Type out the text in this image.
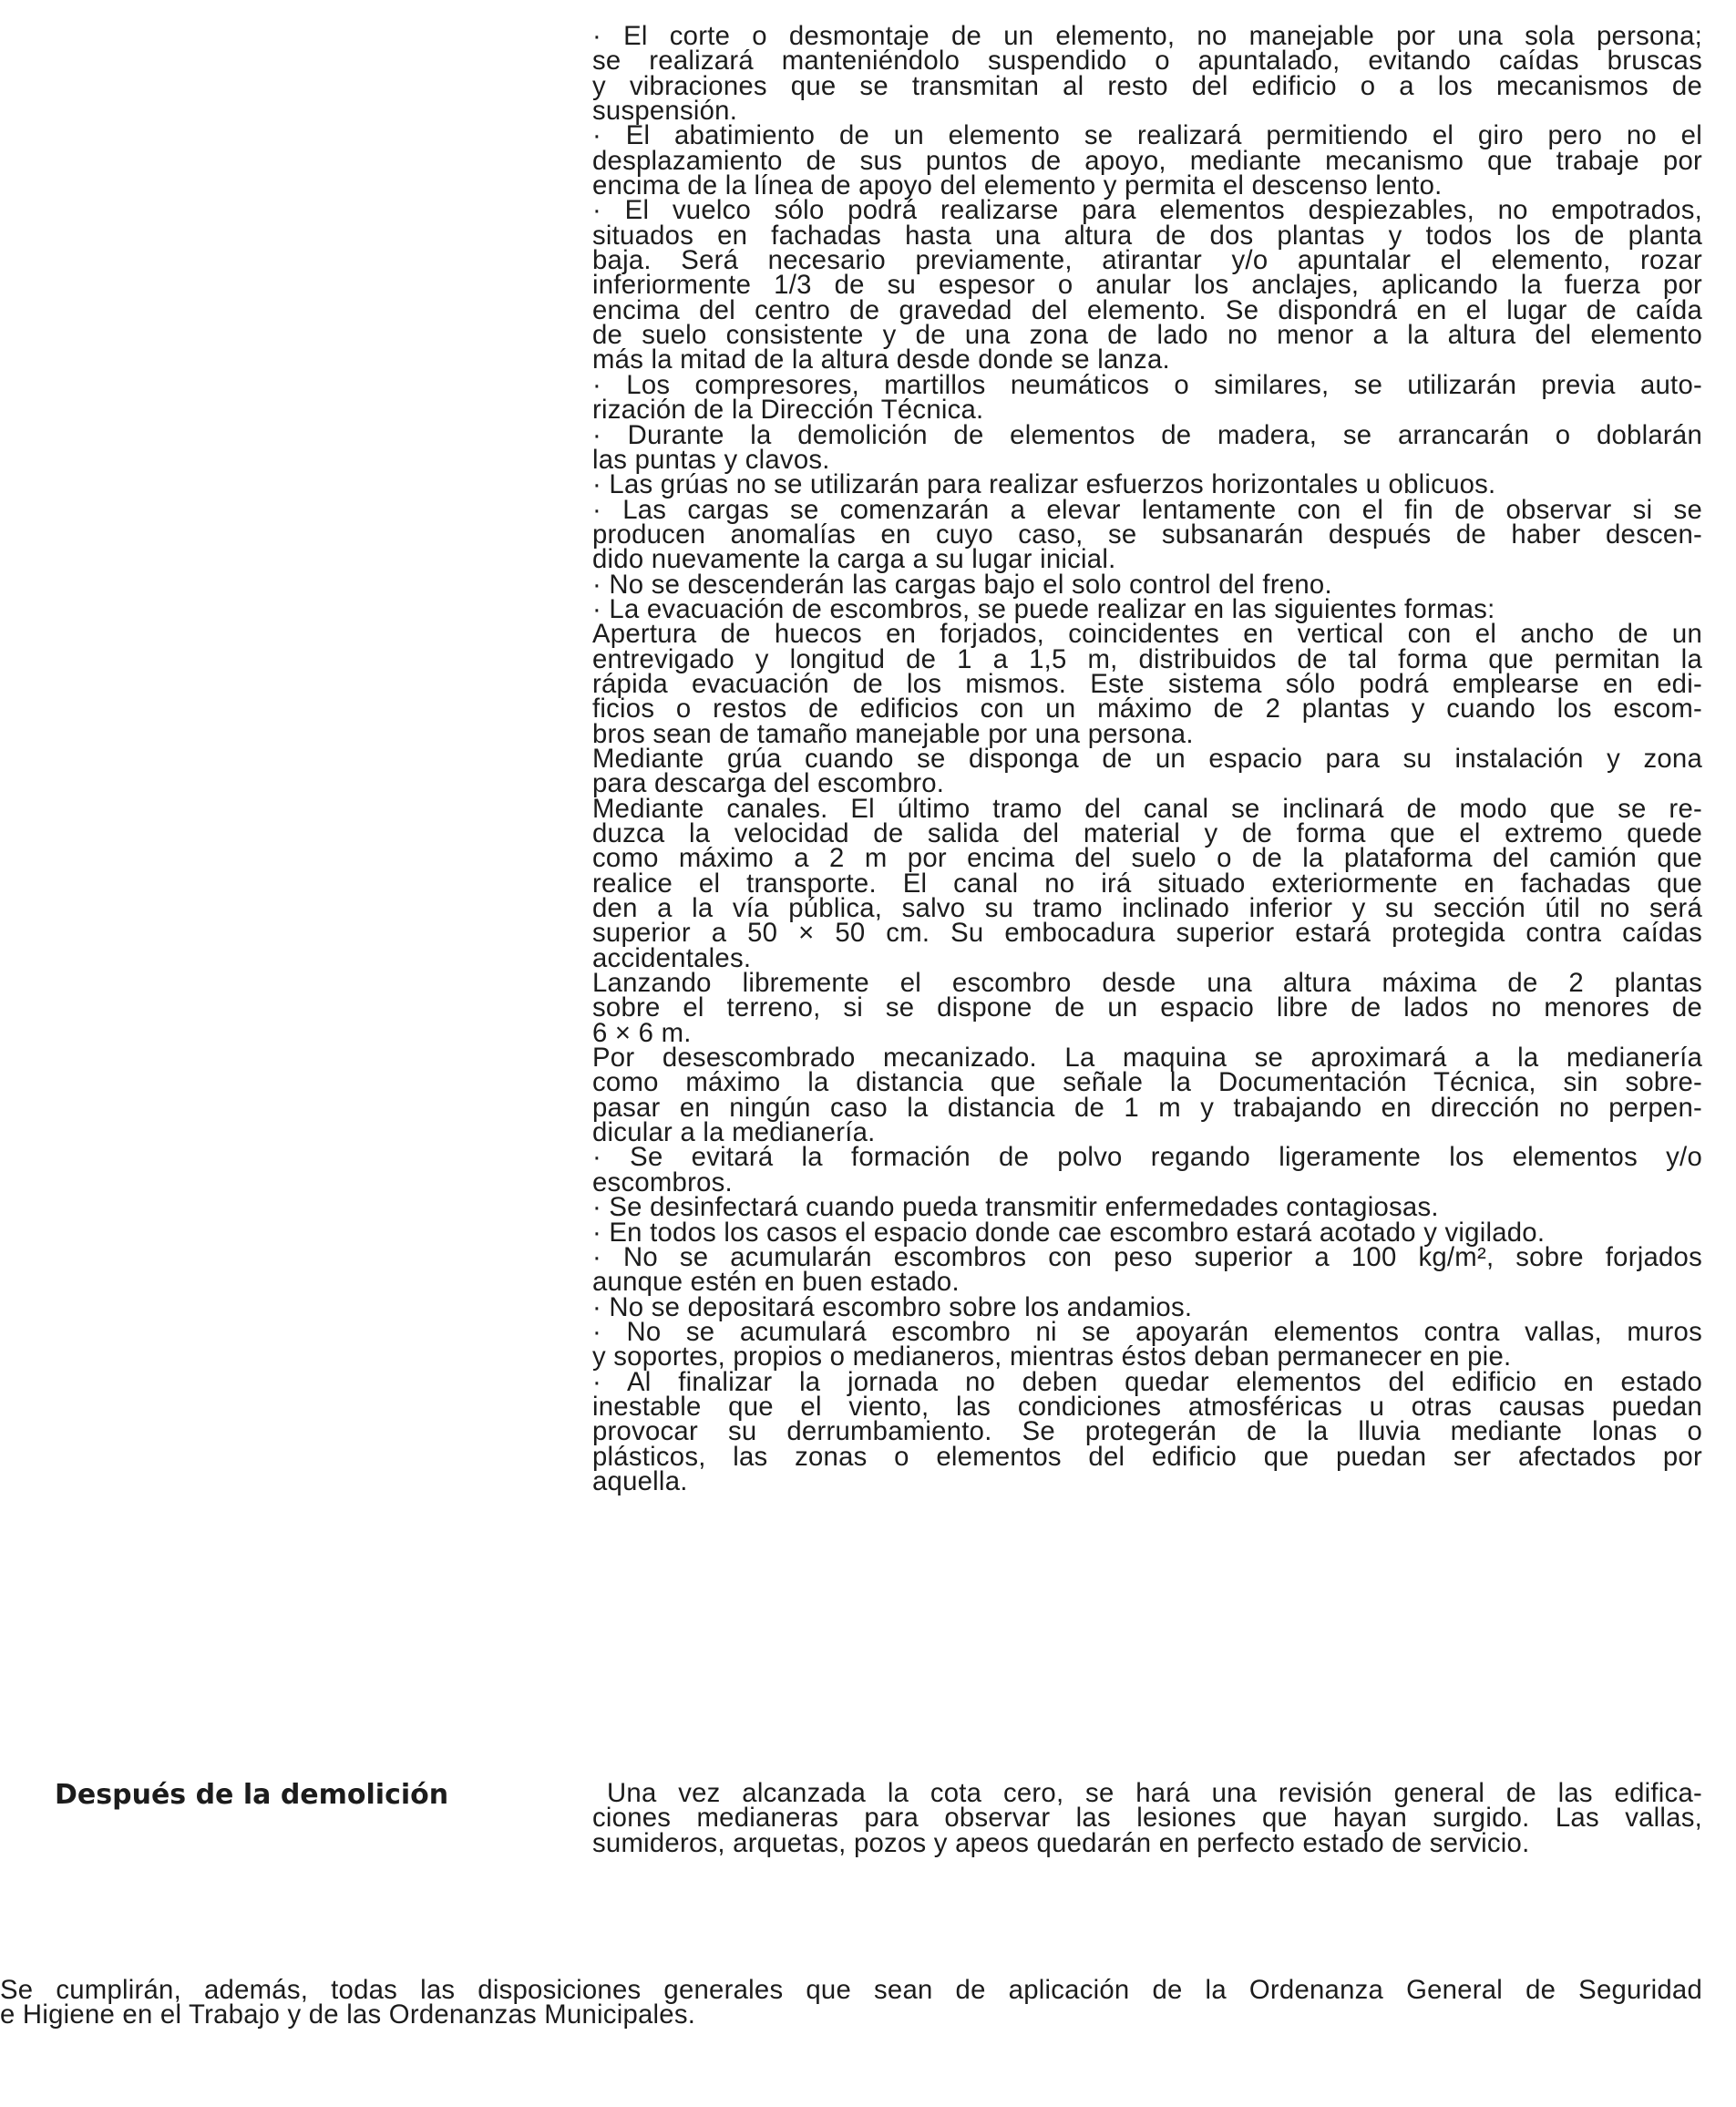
· El corte o desmontaje de un elemento, no manejable por una sola persona;
se realizará manteniéndolo suspendido o apuntalado, evitando caídas bruscas
y vibraciones que se transmitan al resto del edificio o a los mecanismos de
suspensión.
· El abatimiento de un elemento se realizará permitiendo el giro pero no el
desplazamiento de sus puntos de apoyo, mediante mecanismo que trabaje por
encima de la línea de apoyo del elemento y permita el descenso lento.
· El vuelco sólo podrá realizarse para elementos despiezables, no empotrados,
situados en fachadas hasta una altura de dos plantas y todos los de planta
baja. Será necesario previamente, atirantar y/o apuntalar el elemento, rozar
inferiormente 1/3 de su espesor o anular los anclajes, aplicando la fuerza por
encima del centro de gravedad del elemento. Se dispondrá en el lugar de caída
de suelo consistente y de una zona de lado no menor a la altura del elemento
más la mitad de la altura desde donde se lanza.
· Los compresores, martillos neumáticos o similares, se utilizarán previa auto-
rización de la Dirección Técnica.
· Durante la demolición de elementos de madera, se arrancarán o doblarán
las puntas y clavos.
· Las grúas no se utilizarán para realizar esfuerzos horizontales u oblicuos.
· Las cargas se comenzarán a elevar lentamente con el fin de observar si se
producen anomalías en cuyo caso, se subsanarán después de haber descen-
dido nuevamente la carga a su lugar inicial.
· No se descenderán las cargas bajo el solo control del freno.
· La evacuación de escombros, se puede realizar en las siguientes formas:
Apertura de huecos en forjados, coincidentes en vertical con el ancho de un
entrevigado y longitud de 1 a 1,5 m, distribuidos de tal forma que permitan la
rápida evacuación de los mismos. Este sistema sólo podrá emplearse en edi-
ficios o restos de edificios con un máximo de 2 plantas y cuando los escom-
bros sean de tamaño manejable por una persona.
Mediante grúa cuando se disponga de un espacio para su instalación y zona
para descarga del escombro.
Mediante canales. El último tramo del canal se inclinará de modo que se re-
duzca la velocidad de salida del material y de forma que el extremo quede
como máximo a 2 m por encima del suelo o de la plataforma del camión que
realice el transporte. El canal no irá situado exteriormente en fachadas que
den a la vía pública, salvo su tramo inclinado inferior y su sección útil no será
superior a 50 × 50 cm. Su embocadura superior estará protegida contra caídas
accidentales.
Lanzando libremente el escombro desde una altura máxima de 2 plantas
sobre el terreno, si se dispone de un espacio libre de lados no menores de
6 × 6 m.
Por desescombrado mecanizado. La maquina se aproximará a la medianería
como máximo la distancia que señale la Documentación Técnica, sin sobre-
pasar en ningún caso la distancia de 1 m y trabajando en dirección no perpen-
dicular a la medianería.
· Se evitará la formación de polvo regando ligeramente los elementos y/o
escombros.
· Se desinfectará cuando pueda transmitir enfermedades contagiosas.
· En todos los casos el espacio donde cae escombro estará acotado y vigilado.
· No se acumularán escombros con peso superior a 100 kg/m², sobre forjados
aunque estén en buen estado.
· No se depositará escombro sobre los andamios.
· No se acumulará escombro ni se apoyarán elementos contra vallas, muros
y soportes, propios o medianeros, mientras éstos deban permanecer en pie.
· Al finalizar la jornada no deben quedar elementos del edificio en estado
inestable que el viento, las condiciones atmosféricas u otras causas puedan
provocar su derrumbamiento. Se protegerán de la lluvia mediante lonas o
plásticos, las zonas o elementos del edificio que puedan ser afectados por
aquella.
Después de la demolición	Una vez alcanzada la cota cero, se hará una revisión general de las edifica-
ciones medianeras para observar las lesiones que hayan surgido. Las vallas,
sumideros, arquetas, pozos y apeos quedarán en perfecto estado de servicio.
Se cumplirán, además, todas las disposiciones generales que sean de aplicación de la Ordenanza General de Seguridad
e Higiene en el Trabajo y de las Ordenanzas Municipales.
